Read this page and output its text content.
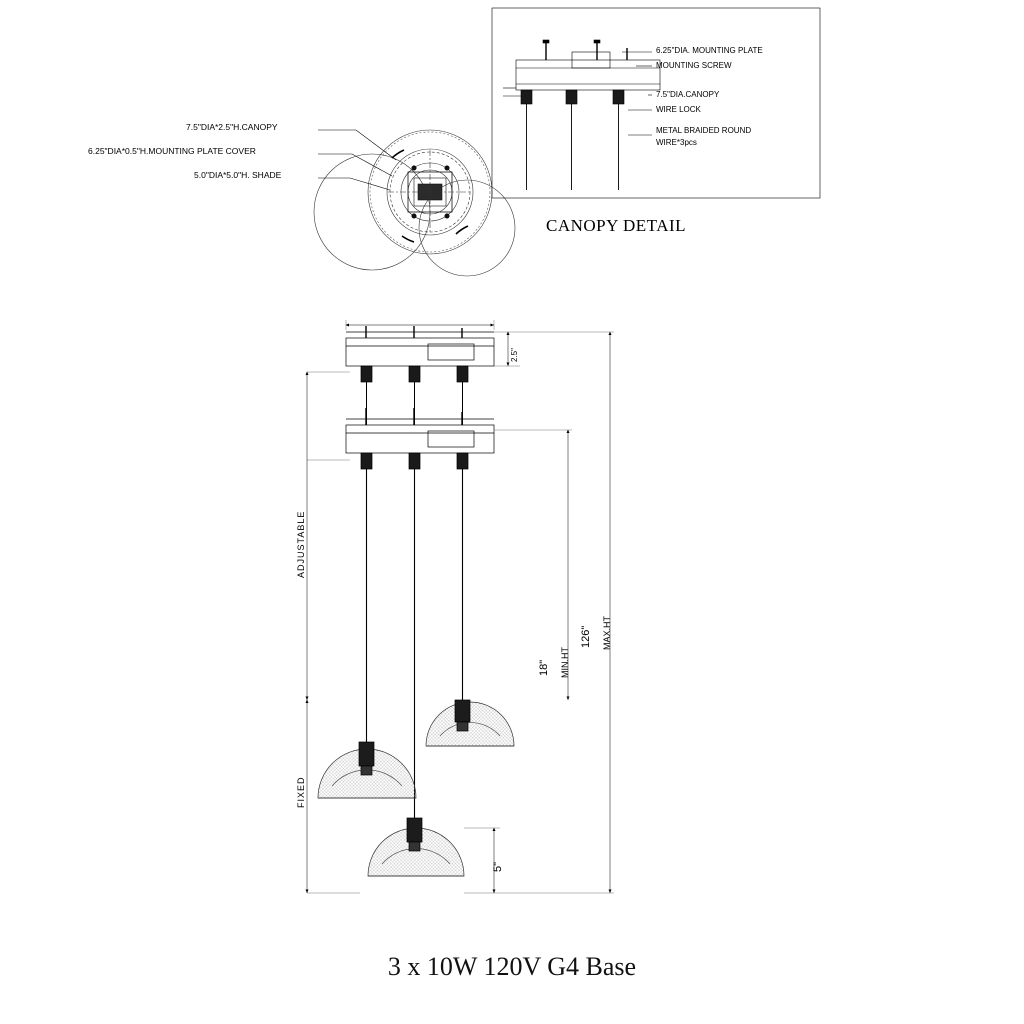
7.5"DIA*2.5"H.CANOPY
6.25"DIA*0.5"H.MOUNTING PLATE COVER
5.0"DIA*5.0"H. SHADE
6.25"DIA. MOUNTING PLATE
MOUNTING SCREW
7.5"DIA.CANOPY
WIRE LOCK
METAL BRAIDED ROUND
WIRE*3pcs
CANOPY DETAIL
2.5"
ADJUSTABLE
FIXED
18" MIN.HT
126" MAX.HT
5"
3 x 10W 120V G4 Base
